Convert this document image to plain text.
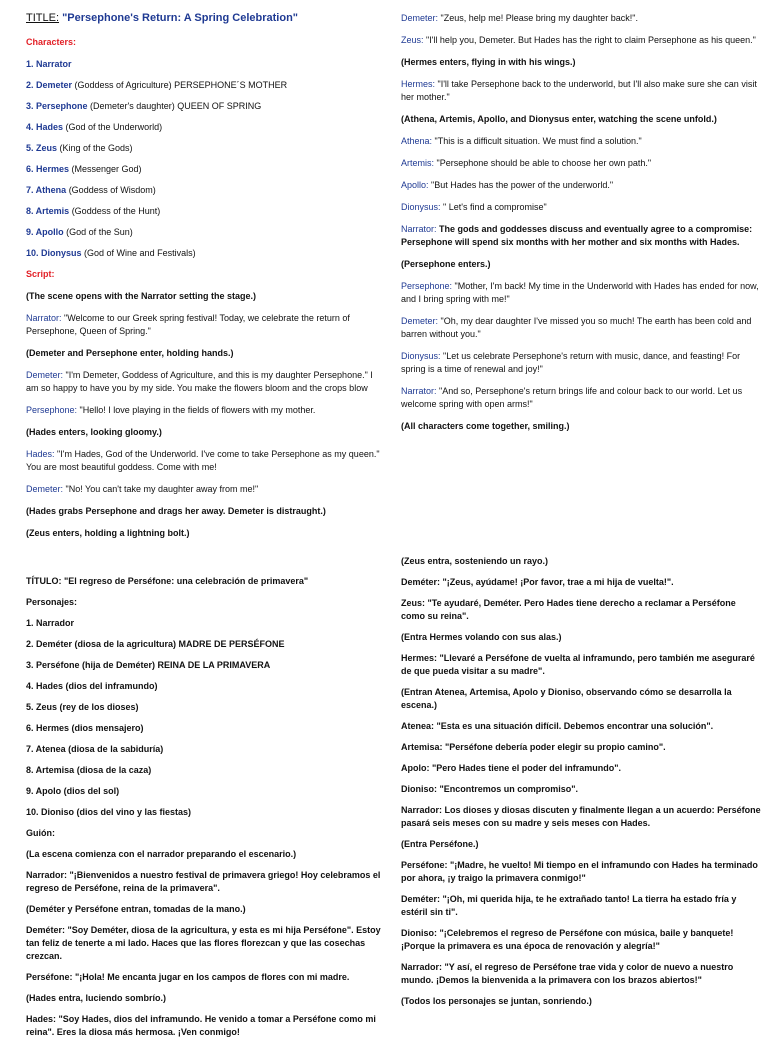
TITLE: "Persephone's Return: A Spring Celebration"

Characters:

1. Narrator

2. Demeter (Goddess of Agriculture) PERSEPHONE´S MOTHER

3. Persephone (Demeter's daughter) QUEEN OF SPRING

4. Hades (God of the Underworld)

5. Zeus (King of the Gods)

6. Hermes (Messenger God)

7. Athena (Goddess of Wisdom)

8. Artemis (Goddess of the Hunt)

9. Apollo (God of the Sun)

10. Dionysus (God of Wine and Festivals)

Script:

(The scene opens with the Narrator setting the stage.)

Narrator: "Welcome to our Greek spring festival! Today, we celebrate the return of Persephone, Queen of Spring."

(Demeter and Persephone enter, holding hands.)

Demeter: "I'm Demeter, Goddess of Agriculture, and this is my daughter Persephone." I am so happy to have you by my side. You make the flowers bloom and the crops blow

Persephone: "Hello! I love playing in the fields of flowers with my mother.

(Hades enters, looking gloomy.)

Hades: "I'm Hades, God of the Underworld. I've come to take Persephone as my queen." You are most beautiful goddess. Come with me!

Demeter: "No! You can't take my daughter away from me!"

(Hades grabs Persephone and drags her away. Demeter is distraught.)

(Zeus enters, holding a lightning bolt.)

Demeter: "Zeus, help me! Please bring my daughter back!".

Zeus: "I'll help you, Demeter. But Hades has the right to claim Persephone as his queen."

(Hermes enters, flying in with his wings.)

Hermes: "I'll take Persephone back to the underworld, but I'll also make sure she can visit her mother."

(Athena, Artemis, Apollo, and Dionysus enter, watching the scene unfold.)

Athena: "This is a difficult situation. We must find a solution."

Artemis: "Persephone should be able to choose her own path."

Apollo: "But Hades has the power of the underworld."

Dionysus: " Let's find a compromise"

Narrator: The gods and goddesses discuss and eventually agree to a compromise: Persephone will spend six months with her mother and six months with Hades.

(Persephone enters.)

Persephone: "Mother, I'm back! My time in the Underworld with Hades has ended for now, and I bring spring with me!"

Demeter: "Oh, my dear daughter I've missed you so much! The earth has been cold and barren without you."

Dionysus: "Let us celebrate Persephone's return with music, dance, and feasting! For spring is a time of renewal and joy!"

Narrator: "And so, Persephone's return brings life and colour back to our world. Let us welcome spring with open arms!"

(All characters come together, smiling.)

TÍTULO: "El regreso de Perséfone: una celebración de primavera"

Personajes:

1. Narrador

2. Deméter (diosa de la agricultura) MADRE DE PERSÉFONE

3. Perséfone (hija de Deméter) REINA DE LA PRIMAVERA

4. Hades (dios del inframundo)

5. Zeus (rey de los dioses)

6. Hermes (dios mensajero)

7. Atenea (diosa de la sabiduría)

8. Artemisa (diosa de la caza)

9. Apolo (dios del sol)

10. Dioniso (dios del vino y las fiestas)

Guión:

(La escena comienza con el narrador preparando el escenario.)

Narrador: "¡Bienvenidos a nuestro festival de primavera griego! Hoy celebramos el regreso de Perséfone, reina de la primavera".

(Deméter y Perséfone entran, tomadas de la mano.)

Deméter: "Soy Deméter, diosa de la agricultura, y esta es mi hija Perséfone". Estoy tan feliz de tenerte a mi lado. Haces que las flores florezcan y que las cosechas crezcan.

Perséfone: "¡Hola! Me encanta jugar en los campos de flores con mi madre.

(Hades entra, luciendo sombrío.)

Hades: "Soy Hades, dios del inframundo. He venido a tomar a Perséfone como mi reina". Eres la diosa más hermosa. ¡Ven conmigo!

(Zeus entra, sosteniendo un rayo.)

Deméter: "¡Zeus, ayúdame! ¡Por favor, trae a mi hija de vuelta!".

Zeus: "Te ayudaré, Deméter. Pero Hades tiene derecho a reclamar a Perséfone como su reina".

(Entra Hermes volando con sus alas.)

Hermes: "Llevaré a Perséfone de vuelta al inframundo, pero también me aseguraré de que pueda visitar a su madre".

(Entran Atenea, Artemisa, Apolo y Dioniso, observando cómo se desarrolla la escena.)

Atenea: "Esta es una situación difícil. Debemos encontrar una solución".

Artemisa: "Perséfone debería poder elegir su propio camino".

Apolo: "Pero Hades tiene el poder del inframundo".

Dioniso: "Encontremos un compromiso".

Narrador: Los dioses y diosas discuten y finalmente llegan a un acuerdo: Perséfone pasará seis meses con su madre y seis meses con Hades.

(Entra Perséfone.)

Perséfone: "¡Madre, he vuelto! Mi tiempo en el inframundo con Hades ha terminado por ahora, ¡y traigo la primavera conmigo!"

Deméter: "¡Oh, mi querida hija, te he extrañado tanto! La tierra ha estado fría y estéril sin ti".

Dioniso: "¡Celebremos el regreso de Perséfone con música, baile y banquete! ¡Porque la primavera es una época de renovación y alegría!"

Narrador: "Y así, el regreso de Perséfone trae vida y color de nuevo a nuestro mundo. ¡Demos la bienvenida a la primavera con los brazos abiertos!"

(Todos los personajes se juntan, sonriendo.)
